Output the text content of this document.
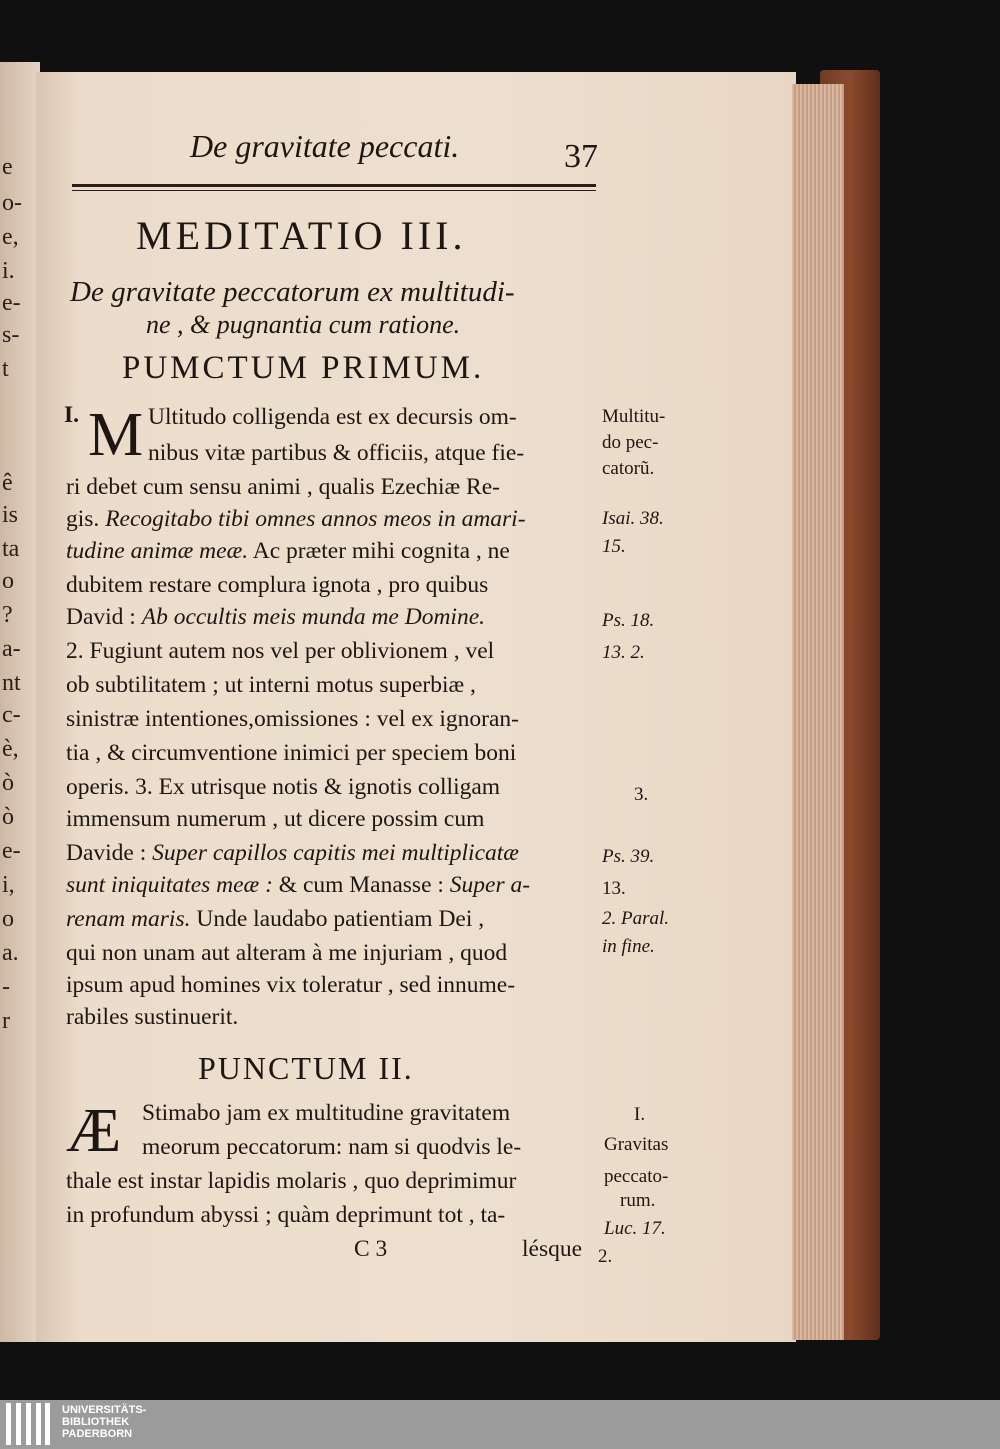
e
o-
e,
i.
e-
s-
t
ê
is
ta
o
?
a-
nt
c-
è,
ò
ò
e-
i,
o
a.
-
r
De gravitate peccati.	37
MEDITATIO III.
De gravitate peccatorum ex multitudi-
ne , & pugnantia cum ratione.
PUMCTUM PRIMUM.
I. M Ultitudo colligenda est ex decursis om-
nibus vitæ partibus & officiis, atque fie-
ri debet cum sensu animi , qualis Ezechiæ Re-
gis. Recogitabo tibi omnes annos meos in amari-
tudine animæ meæ. Ac præter mihi cognita , ne
dubitem restare complura ignota , pro quibus
David : Ab occultis meis munda me Domine.
2. Fugiunt autem nos vel per oblivionem , vel
ob subtilitatem ; ut interni motus superbiæ ,
sinistræ intentiones,omissiones : vel ex ignoran-
tia , & circumventione inimici per speciem boni
operis. 3. Ex utrisque notis & ignotis colligam
immensum numerum , ut dicere possim cum
Davide : Super capillos capitis mei multiplicatæ
sunt iniquitates meæ : & cum Manasse : Super a-
renam maris. Unde laudabo patientiam Dei ,
qui non unam aut alteram à me injuriam , quod
ipsum apud homines vix toleratur , sed innume-
rabiles sustinuerit.
PUNCTUM II.
Æ Stimabo jam ex multitudine gravitatem
meorum peccatorum: nam si quodvis le-
thale est instar lapidis molaris , quo deprimimur
in profundum abyssi ; quàm deprimunt tot , ta-
C 3	lésque
Multitu-
do pec-
catorũ.
Isai. 38.
15.
Ps. 18.
13. 2.
3.
Ps. 39.
13.
2. Paral.
in fine.
I.
Gravitas
peccato-
rum.
Luc. 17.
2.
UNIVERSITÄTS-
BIBLIOTHEK
PADERBORN
